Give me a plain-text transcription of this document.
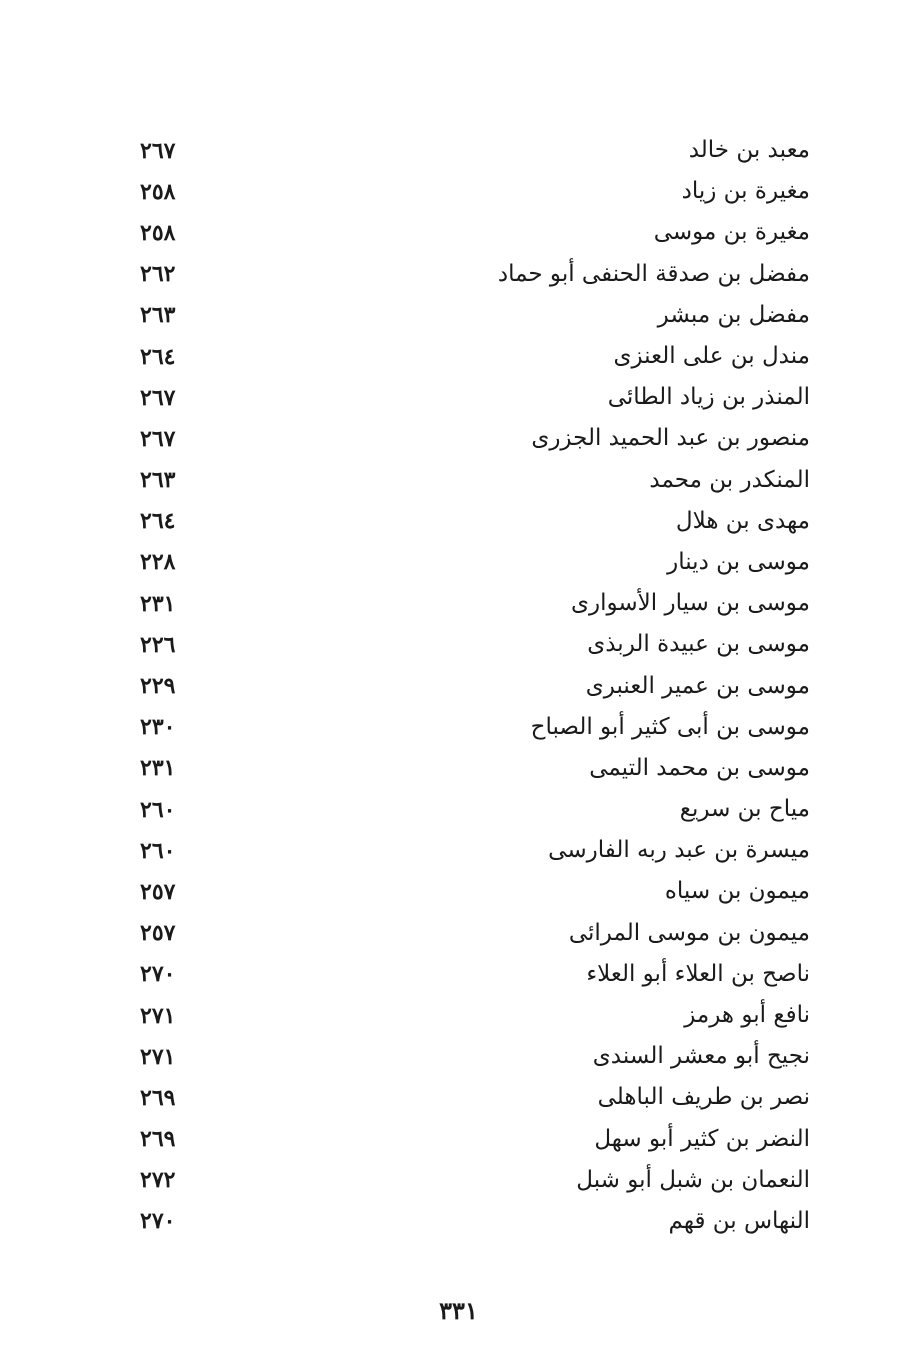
٢٦٧	معبد بن خالد
٢٥٨	مغيرة بن زياد
٢٥٨	مغيرة بن موسى
٢٦٢	مفضل بن صدقة الحنفى أبو حماد
٢٦٣	مفضل بن مبشر
٢٦٤	مندل بن على العنزى
٢٦٧	المنذر بن زياد الطائى
٢٦٧	منصور بن عبد الحميد الجزرى
٢٦٣	المنكدر بن محمد
٢٦٤	مهدى بن هلال
٢٢٨	موسى بن دينار
٢٣١	موسى بن سيار الأسوارى
٢٢٦	موسى بن عبيدة الربذى
٢٢٩	موسى بن عمير العنبرى
٢٣٠	موسى بن أبى كثير أبو الصباح
٢٣١	موسى بن محمد التيمى
٢٦٠	مياح بن سريع
٢٦٠	ميسرة بن عبد ربه الفارسى
٢٥٧	ميمون بن سياه
٢٥٧	ميمون بن موسى المرائى
٢٧٠	ناصح بن العلاء أبو العلاء
٢٧١	نافع أبو هرمز
٢٧١	نجيح أبو معشر السندى
٢٦٩	نصر بن طريف الباهلى
٢٦٩	النضر بن كثير أبو سهل
٢٧٢	النعمان بن شبل أبو شبل
٢٧٠	النهاس بن قهم
٣٣١
